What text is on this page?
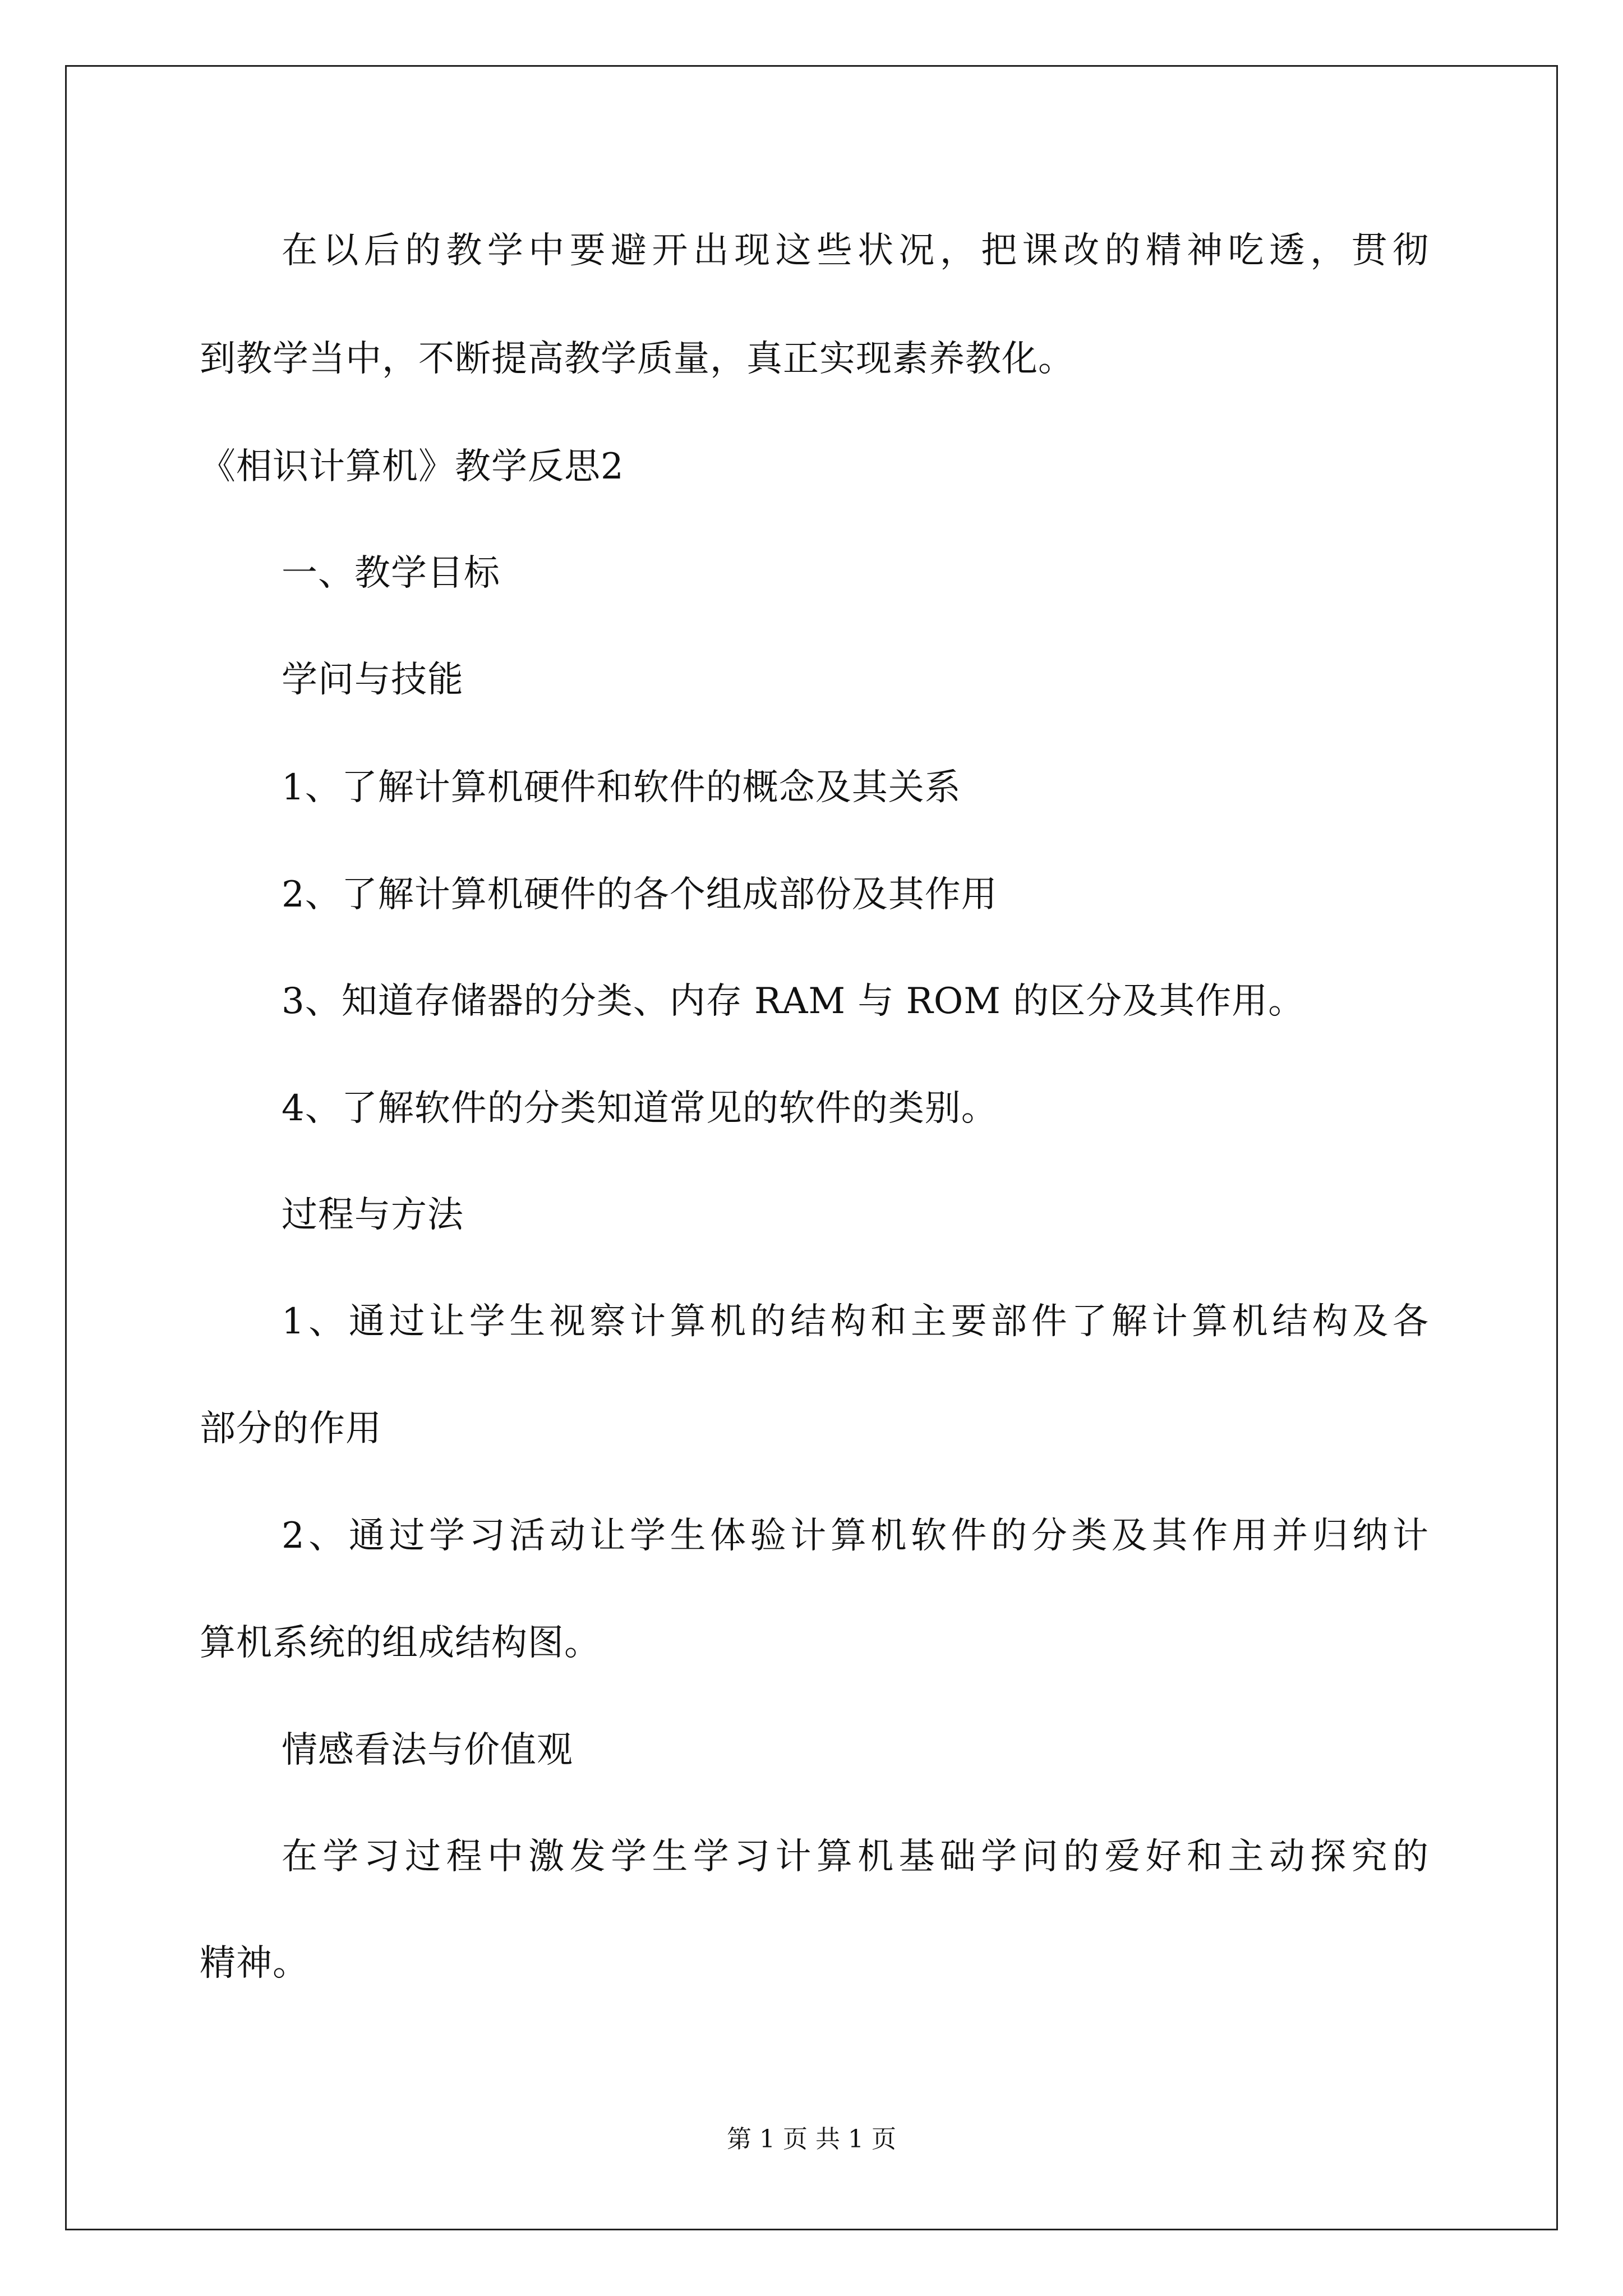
在以后的教学中要避开出现这些状况，把课改的精神吃透，贯彻
到教学当中，不断提高教学质量，真正实现素养教化。
《相识计算机》教学反思2
一、教学目标
学问与技能
1、了解计算机硬件和软件的概念及其关系
2、了解计算机硬件的各个组成部份及其作用
3、知道存储器的分类、内存 RAM 与 ROM 的区分及其作用。
4、了解软件的分类知道常见的软件的类别。
过程与方法
1、通过让学生视察计算机的结构和主要部件了解计算机结构及各
部分的作用
2、通过学习活动让学生体验计算机软件的分类及其作用并归纳计
算机系统的组成结构图。
情感看法与价值观
在学习过程中激发学生学习计算机基础学问的爱好和主动探究的
精神。
第 1 页 共 1 页
